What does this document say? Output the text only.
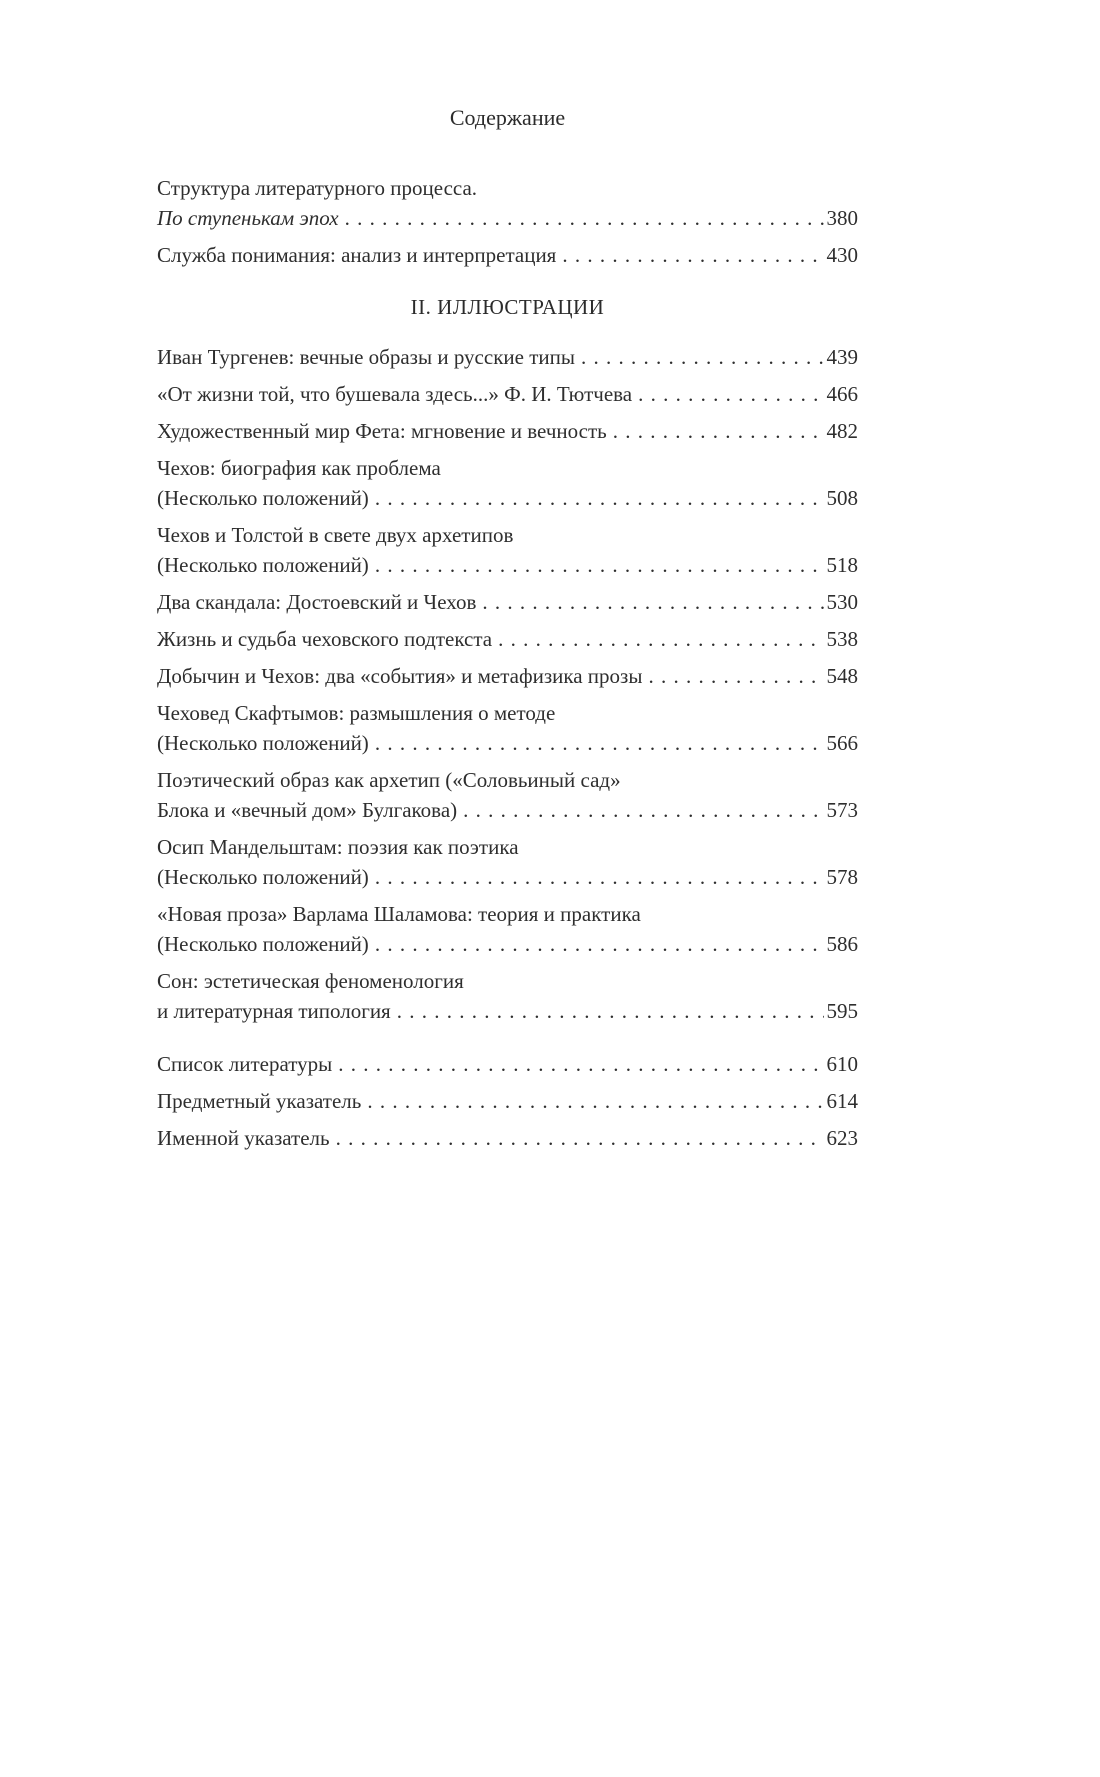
Содержание
Структура литературного процесса.
По ступенькам эпох . . .	380
Служба понимания: анализ и интерпретация . . .	430
II. ИЛЛЮСТРАЦИИ
Иван Тургенев: вечные образы и русские типы . . .	439
«От жизни той, что бушевала здесь...» Ф. И. Тютчева . . .	466
Художественный мир Фета: мгновение и вечность . . .	482
Чехов: биография как проблема
(Несколько положений) . . .	508
Чехов и Толстой в свете двух архетипов
(Несколько положений) . . .	518
Два скандала: Достоевский и Чехов . . .	530
Жизнь и судьба чеховского подтекста . . .	538
Добычин и Чехов: два «события» и метафизика прозы . . .	548
Чеховед Скафтымов: размышления о методе
(Несколько положений) . . .	566
Поэтический образ как архетип («Соловьиный сад»
Блока и «вечный дом» Булгакова) . . .	573
Осип Мандельштам: поэзия как поэтика
(Несколько положений) . . .	578
«Новая проза» Варлама Шаламова: теория и практика
(Несколько положений) . . .	586
Сон: эстетическая феноменология
и литературная типология . . .	595
Список литературы . . .	610
Предметный указатель . . .	614
Именной указатель . . .	623
